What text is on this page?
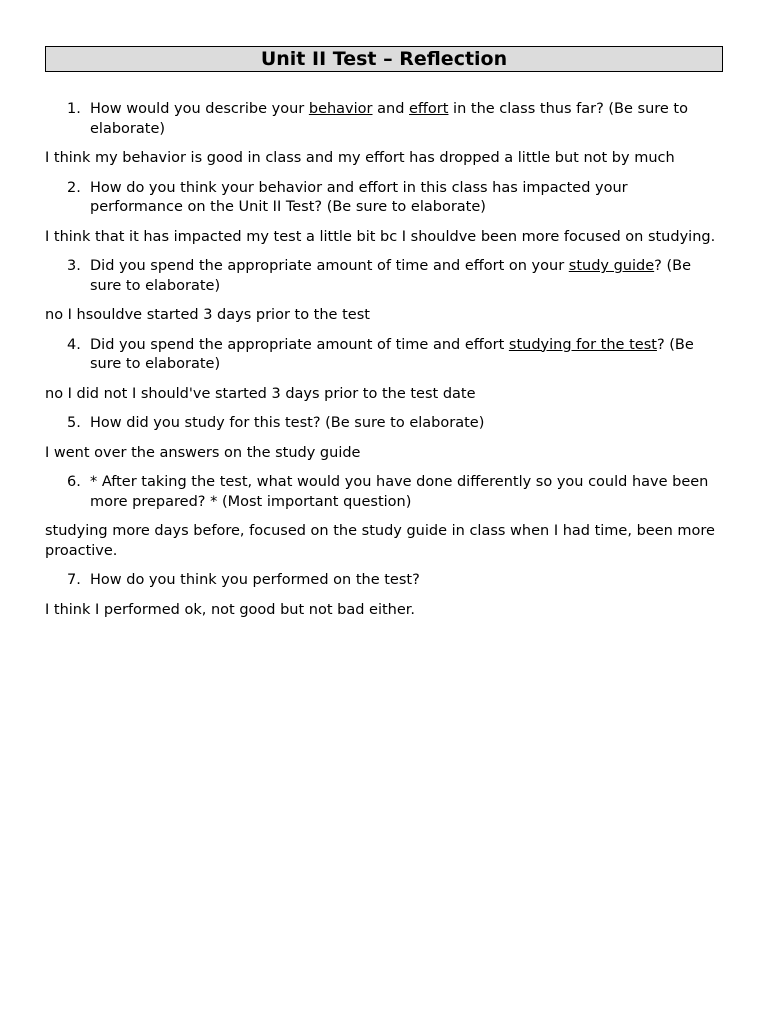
Unit II Test – Reflection
1. How would you describe your behavior and effort in the class thus far? (Be sure to elaborate)
I think my behavior is good in class and my effort has dropped a little but not by much
2. How do you think your behavior and effort in this class has impacted your performance on the Unit II Test? (Be sure to elaborate)
I think that it has impacted my test a little bit bc I shouldve been more focused on studying.
3. Did you spend the appropriate amount of time and effort on your study guide? (Be sure to elaborate)
no I hsouldve started 3 days prior to the test
4. Did you spend the appropriate amount of time and effort studying for the test? (Be sure to elaborate)
no I did not I should've started 3 days prior to the test date
5. How did you study for this test? (Be sure to elaborate)
I went over the answers on the study guide
6. * After taking the test, what would you have done differently so you could have been more prepared? * (Most important question)
studying more days before, focused on the study guide in class when I had time, been more proactive.
7. How do you think you performed on the test?
I think I performed ok, not good but not bad either.
